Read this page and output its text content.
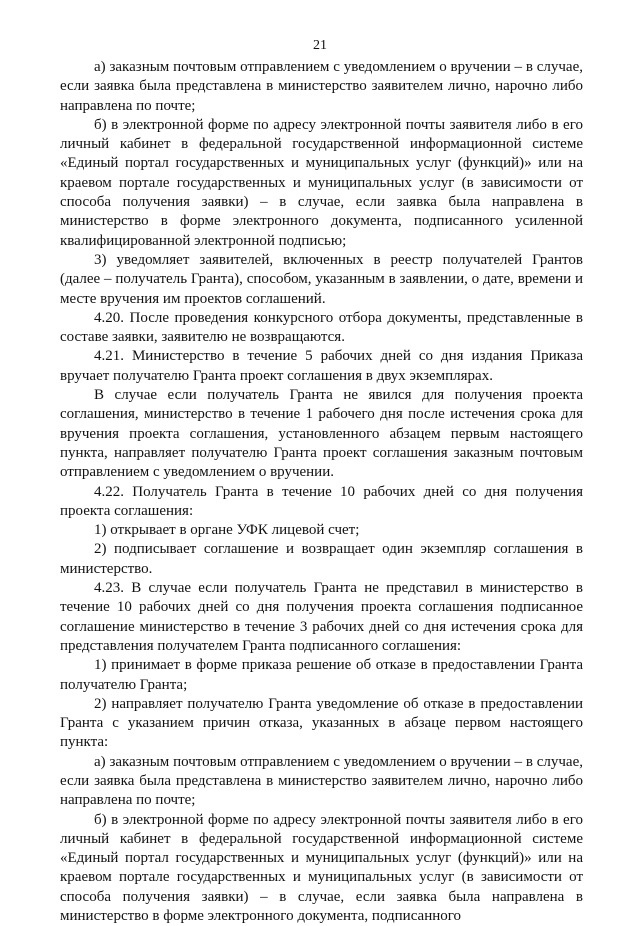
21

а) заказным почтовым отправлением с уведомлением о вручении – в случае, если заявка была представлена в министерство заявителем лично, нарочно либо направлена по почте;

б) в электронной форме по адресу электронной почты заявителя либо в его личный кабинет в федеральной государственной информационной системе «Единый портал государственных и муниципальных услуг (функций)» или на краевом портале государственных и муниципальных услуг (в зависимости от способа получения заявки) – в случае, если заявка была направлена в министерство в форме электронного документа, подписанного усиленной квалифицированной электронной подписью;

3) уведомляет заявителей, включенных в реестр получателей Грантов (далее – получатель Гранта), способом, указанным в заявлении, о дате, времени и месте вручения им проектов соглашений.

4.20. После проведения конкурсного отбора документы, представленные в составе заявки, заявителю не возвращаются.

4.21. Министерство в течение 5 рабочих дней со дня издания Приказа вручает получателю Гранта проект соглашения в двух экземплярах.

В случае если получатель Гранта не явился для получения проекта соглашения, министерство в течение 1 рабочего дня после истечения срока для вручения проекта соглашения, установленного абзацем первым настоящего пункта, направляет получателю Гранта проект соглашения заказным почтовым отправлением с уведомлением о вручении.

4.22. Получатель Гранта в течение 10 рабочих дней со дня получения проекта соглашения:

1) открывает в органе УФК лицевой счет;

2) подписывает соглашение и возвращает один экземпляр соглашения в министерство.

4.23. В случае если получатель Гранта не представил в министерство в течение 10 рабочих дней со дня получения проекта соглашения подписанное соглашение министерство в течение 3 рабочих дней со дня истечения срока для представления получателем Гранта подписанного соглашения:

1) принимает в форме приказа решение об отказе в предоставлении Гранта получателю Гранта;

2) направляет получателю Гранта уведомление об отказе в предоставлении Гранта с указанием причин отказа, указанных в абзаце первом настоящего пункта:

а) заказным почтовым отправлением с уведомлением о вручении – в случае, если заявка была представлена в министерство заявителем лично, нарочно либо направлена по почте;

б) в электронной форме по адресу электронной почты заявителя либо в его личный кабинет в федеральной государственной информационной системе «Единый портал государственных и муниципальных услуг (функций)» или на краевом портале государственных и муниципальных услуг (в зависимости от способа получения заявки) – в случае, если заявка была направлена в министерство в форме электронного документа, подписанного
